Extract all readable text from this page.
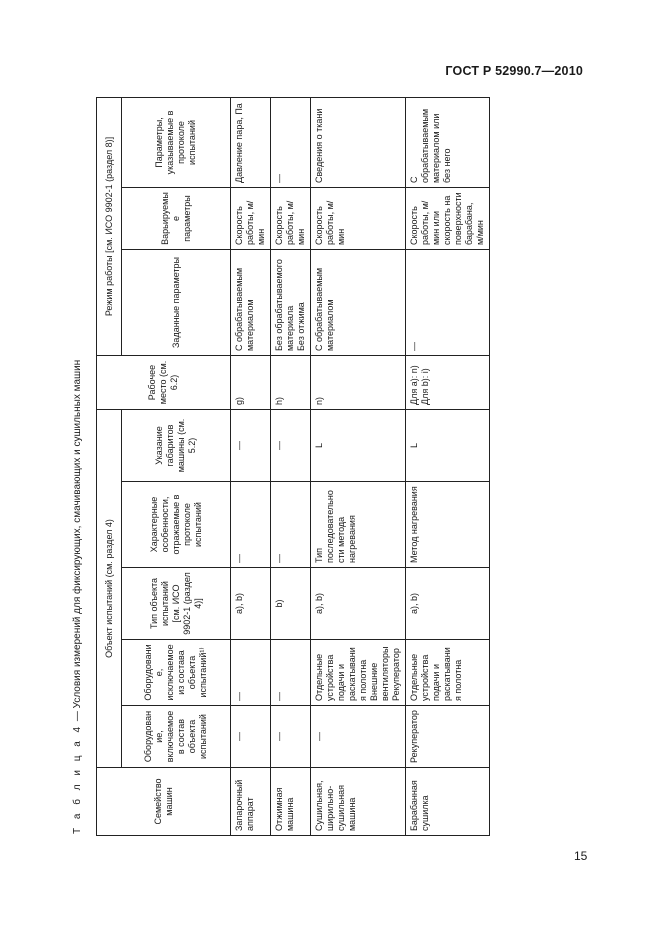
ГОСТ Р 52990.7—2010
Т а б л и ц а 4 — Условия измерений для фиксирующих, смачивающих и сушильных машин
Семейство машин	Объект испытаний (см. раздел 4)					Рабочее место (см. 6.2)	Режим работы [см. ИСО 9902-1 (раздел 8)]		
	Оборудование, включаемое в состав объекта испытаний	Оборудование, исключаемое из состава объекта испытаний¹⁾	Тип объекта испытаний [см. ИСО 9902-1 (раздел 4)]	Характерные особенности, отражаемые в протоколе испытаний	Указание габаритов машины (см. 5.2)		Заданные параметры	Варьируемые параметры	Параметры, указываемые в протоколе испытаний
Запарочный аппарат	—	—	a), b)	—	—	g)	С обрабатываемым материалом	Скорость работы, м/мин	Давление пара, Па
Отжимная машина	—	—	b)	—	—	h)	Без обрабатываемого материала Без отжима	Скорость работы, м/мин	—
Сушильная, ширильно-сушильная машина	—	Отдельные устройства подачи и раскатывания полотна Внешние вентиляторы Рекуператор	a), b)	Тип последовательности метода нагревания	L	n)	С обрабатываемым материалом	Скорость работы, м/мин	Сведения о ткани
Барабанная сушилка	Рекуператор	Отдельные устройства подачи и раскатывания полотна	a), b)	Метод нагревания	L	Для a): n) Для b): i)	—	Скорость работы, м/мин или скорость на поверхности барабана, м/мин	С обрабатываемым материалом или без него
15
